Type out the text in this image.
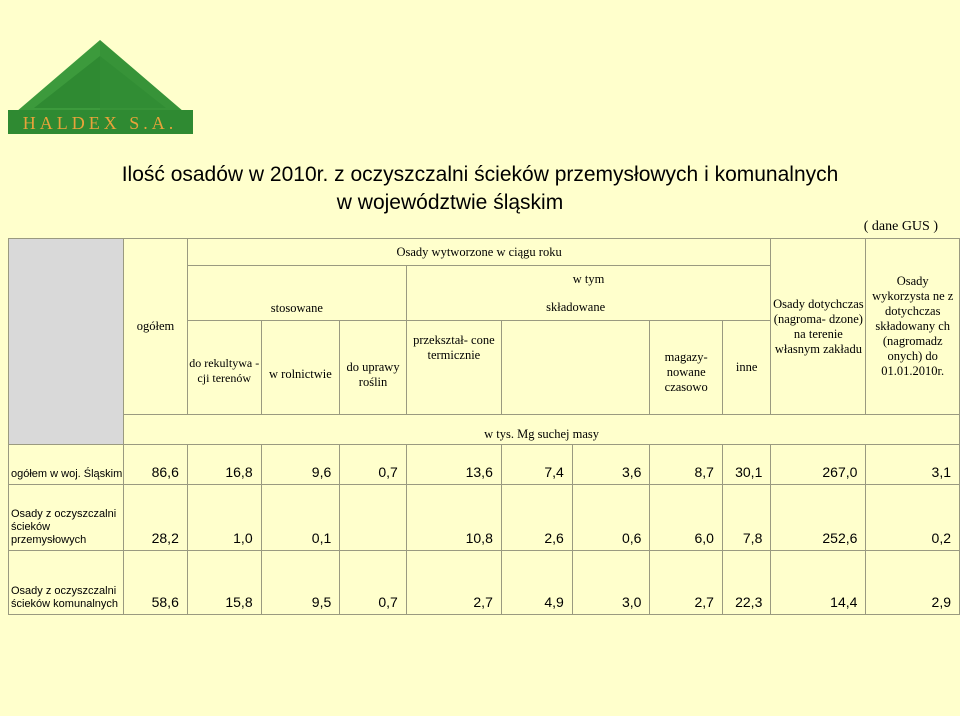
HALDEX S.A.
Ilość osadów w 2010r. z oczyszczalni ścieków przemysłowych i komunalnych
w województwie śląskim
( dane GUS )
	ogółem	Osady wytworzone w ciągu roku								Osady dotychczas (nagroma- dzone) na terenie własnym zakładu	Osady wykorzysta ne z dotychczas składowany ch (nagromadz onych) do 01.01.2010r.
		stosowane			w tym						
		do rekultywa -cji terenów	w rolnictwie	do uprawy roślin	przekształ- cone termicznie	składowane		magazy- nowane czasowo	inne		
	w tys. Mg suchej masy										
ogółem w woj. Śląskim	86,6	16,8	9,6	0,7	13,6	7,4	3,6	8,7	30,1	267,0	3,1
Osady z oczyszczalni ścieków przemysłowych	28,2	1,0	0,1		10,8	2,6	0,6	6,0	7,8	252,6	0,2
Osady z oczyszczalni ścieków komunalnych	58,6	15,8	9,5	0,7	2,7	4,9	3,0	2,7	22,3	14,4	2,9
